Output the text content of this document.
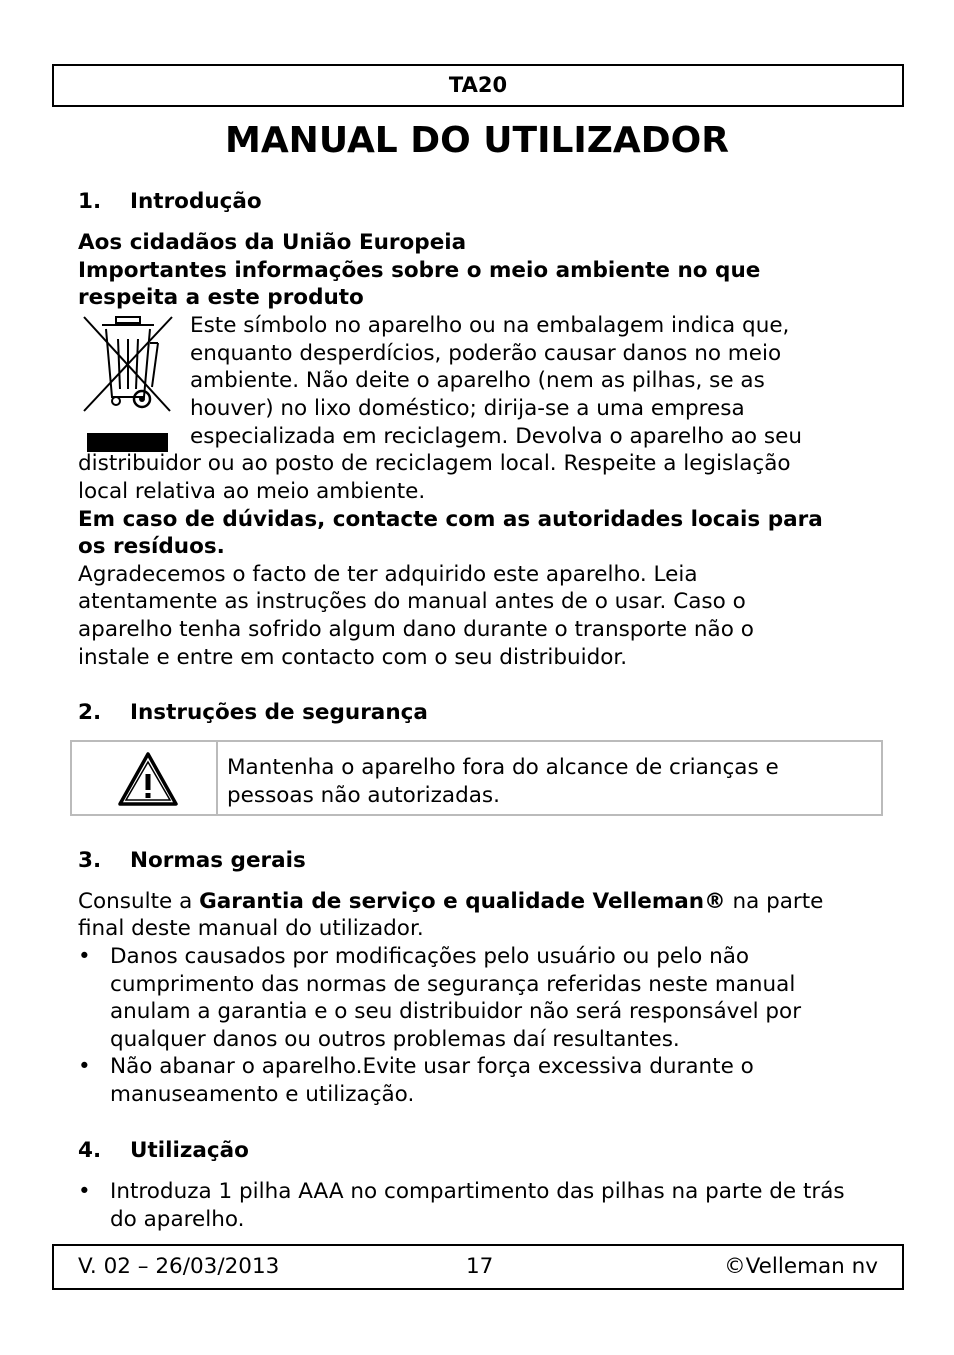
TA20
MANUAL DO UTILIZADOR
1. Introdução
Aos cidadãos da União Europeia
Importantes informações sobre o meio ambiente no que
respeita a este produto
Este símbolo no aparelho ou na embalagem indica que,
enquanto desperdícios, poderão causar danos no meio
ambiente. Não deite o aparelho (nem as pilhas, se as
houver) no lixo doméstico; dirija-se a uma empresa
especializada em reciclagem. Devolva o aparelho ao seu
distribuidor ou ao posto de reciclagem local. Respeite a legislação
local relativa ao meio ambiente.
Em caso de dúvidas, contacte com as autoridades locais para
os resíduos.
Agradecemos o facto de ter adquirido este aparelho. Leia
atentamente as instruções do manual antes de o usar. Caso o
aparelho tenha sofrido algum dano durante o transporte não o
instale e entre em contacto com o seu distribuidor.
2. Instruções de segurança
Mantenha o aparelho fora do alcance de crianças e
pessoas não autorizadas.
3. Normas gerais
Consulte a Garantia de serviço e qualidade Velleman® na parte
final deste manual do utilizador.
• Danos causados por modificações pelo usuário ou pelo não cumprimento das normas de segurança referidas neste manual anulam a garantia e o seu distribuidor não será responsável por qualquer danos ou outros problemas daí resultantes.
• Não abanar o aparelho.Evite usar força excessiva durante o manuseamento e utilização.
4. Utilização
• Introduza 1 pilha AAA no compartimento das pilhas na parte de trás do aparelho.
V. 02 – 26/03/2013	17	©Velleman nv
